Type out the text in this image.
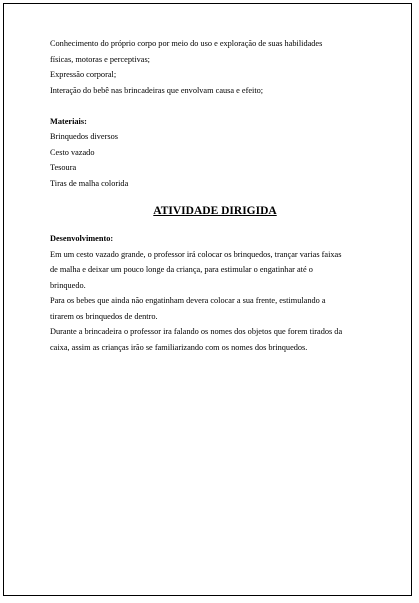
Conhecimento do próprio corpo por meio do uso e exploração de suas habilidades
físicas, motoras e perceptivas;
Expressão corporal;
Interação do bebê nas brincadeiras que envolvam causa e efeito;
Materiais:
Brinquedos diversos
Cesto vazado
Tesoura
Tiras de malha colorida
ATIVIDADE DIRIGIDA
Desenvolvimento:
Em um cesto vazado grande, o professor irá colocar os brinquedos, trançar varias faixas
de malha e deixar um pouco longe da criança, para estimular o engatinhar até o
brinquedo.
Para os bebes que ainda não engatinham devera colocar a sua frente, estimulando a
tirarem os brinquedos de dentro.
Durante a brincadeira o professor ira falando os nomes dos objetos que forem tirados da
caixa, assim as crianças irão se familiarizando com os nomes dos brinquedos.
